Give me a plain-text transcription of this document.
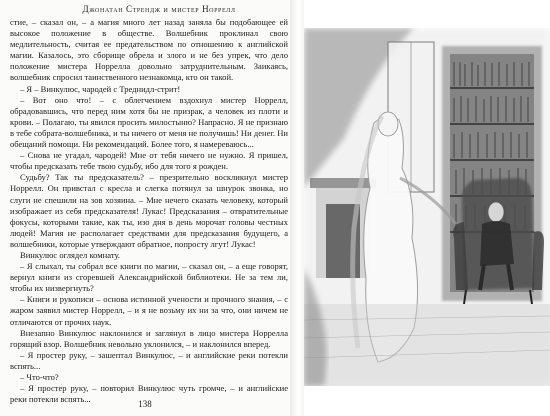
Джонатан Стрендж и мистер Норрелл

стие, – сказал он, – а магия много лет назад заняла бы подобающее ей высокое положение в обществе. Волшебник проклинал свою медлительность, считая ее предательством по отношению к английской магии. Казалось, это сборище обрела и злого и не без упрек, что дело положение мистера Норрелла довольно затруднительным. Заикаясь, волшебник спросил таинственного незнакомца, кто он такой.

– Я – Винкулюс, чародей с Треднидл-стрит!

– Вот оно что! – с облегчением вздохнул мистер Норрелл, обрадовавшись, что перед ним хотя бы не призрак, а человек из плоти и крови. – Полагаю, ты явился просить милостыню? Напрасно. Я не признаю в тебе собрата-волшебника, и ты ничего от меня не получишь! Ни денег. Ни обещаний помощи. Ни рекомендаций. Более того, я намереваюсь...

– Снова не угадал, чародей! Мне от тебя ничего не нужно. Я пришел, чтобы предсказать тебе твою судьбу, ибо для того я рожден.

Судьбу? Так ты предсказатель? – презрительно воскликнул мистер Норрелл. Он привстал с кресла и слегка потянул за шнурок звонка, но слуги не спешили на зов хозяина. – Мне нечего сказать человеку, который изображает из себя предсказателя! Лукас! Предсказания – отвратительные фокусы, которыми такие, как ты, изо дня в день морочат головы честных людей! Магия не располагает средствами для предсказания будущего, а волшебники, которые утверждают обратное, попросту лгут! Лукас!

Винкулюс оглядел комнату.

– Я слыхал, ты собрал все книги по магии, – сказал он, – а еще говорят, вернул книги из сгоревшей Александрийской библиотеки. Не за тем ли, чтобы их низвергнуть?

– Книги и рукописи – основа истинной учености и прочного знания, – с жаром заявил мистер Норрелл, – и я не возьму их ни за что, они ничем не отличаются от прочих наук.

Внезапно Винкулюс наклонился и заглянул в лицо мистера Норрелла горящий взор. Волшебник невольно уклонился, – и наклонился вперед.

– Я простер руку, – зашептал Винкулюс, – и английские реки потекли вспять...

– Что-что?

– Я простер руку, – повторил Винкулюс чуть громче, – и английские реки потекли вспять...	138
